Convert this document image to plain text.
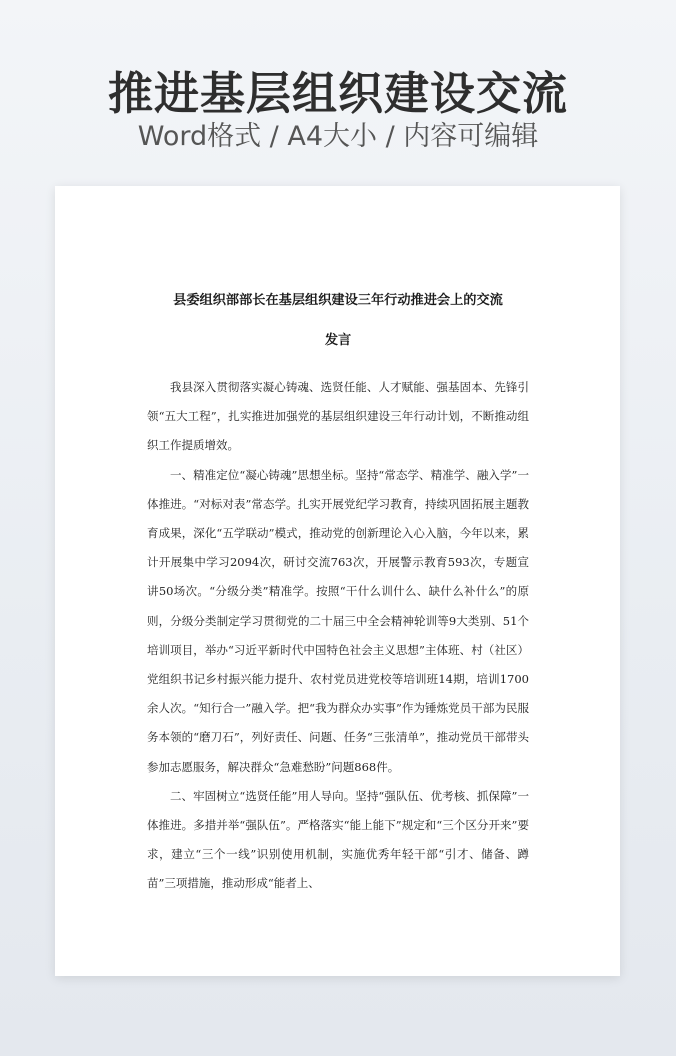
推进基层组织建设交流
Word格式 / A4大小 / 内容可编辑
县委组织部部长在基层组织建设三年行动推进会上的交流
发言

我县深入贯彻落实凝心铸魂、选贤任能、人才赋能、强基固本、先锋引领“五大工程”，扎实推进加强党的基层组织建设三年行动计划，不断推动组织工作提质增效。

一、精准定位“凝心铸魂”思想坐标。坚持“常态学、精准学、融入学”一体推进。“对标对表”常态学。扎实开展党纪学习教育，持续巩固拓展主题教育成果，深化“五学联动”模式，推动党的创新理论入心入脑，今年以来，累计开展集中学习2094次，研讨交流763次，开展警示教育593次，专题宣讲50场次。“分级分类”精准学。按照“干什么训什么、缺什么补什么”的原则，分级分类制定学习贯彻党的二十届三中全会精神轮训等9大类别、51个培训项目，举办“习近平新时代中国特色社会主义思想”主体班、村（社区）党组织书记乡村振兴能力提升、农村党员进党校等培训班14期，培训1700余人次。“知行合一”融入学。把“我为群众办实事”作为锤炼党员干部为民服务本领的“磨刀石”，列好责任、问题、任务“三张清单”，推动党员干部带头参加志愿服务，解决群众“急难愁盼”问题868件。

二、牢固树立“选贤任能”用人导向。坚持“强队伍、优考核、抓保障”一体推进。多措并举“强队伍”。严格落实“能上能下”规定和“三个区分开来”要求，建立“三个一线”识别使用机制，实施优秀年轻干部“引才、储备、蹲苗”三项措施，推动形成“能者上、
